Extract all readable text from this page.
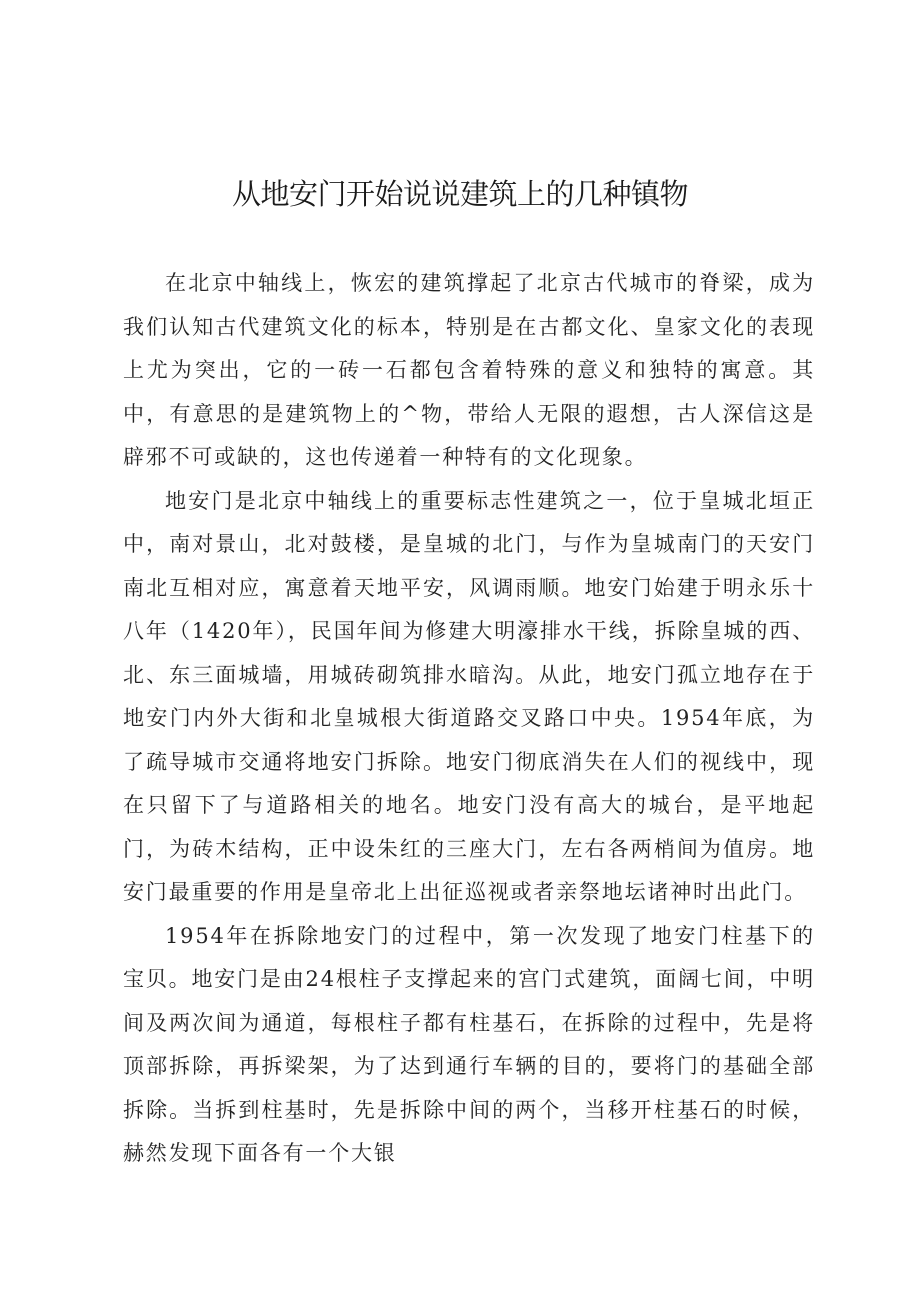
从地安门开始说说建筑上的几种镇物

在北京中轴线上，恢宏的建筑撑起了北京古代城市的脊梁，成为我们认知古代建筑文化的标本，特别是在古都文化、皇家文化的表现上尤为突出，它的一砖一石都包含着特殊的意义和独特的寓意。其中，有意思的是建筑物上的^物，带给人无限的遐想，古人深信这是辟邪不可或缺的，这也传递着一种特有的文化现象。

地安门是北京中轴线上的重要标志性建筑之一，位于皇城北垣正中，南对景山，北对鼓楼，是皇城的北门，与作为皇城南门的天安门南北互相对应，寓意着天地平安，风调雨顺。地安门始建于明永乐十八年（1420年），民国年间为修建大明濠排水干线，拆除皇城的西、北、东三面城墙，用城砖砌筑排水暗沟。从此，地安门孤立地存在于地安门内外大街和北皇城根大街道路交叉路口中央。1954年底，为了疏导城市交通将地安门拆除。地安门彻底消失在人们的视线中，现在只留下了与道路相关的地名。地安门没有高大的城台，是平地起门，为砖木结构，正中设朱红的三座大门，左右各两梢间为值房。地安门最重要的作用是皇帝北上出征巡视或者亲祭地坛诸神时出此门。

1954年在拆除地安门的过程中，第一次发现了地安门柱基下的宝贝。地安门是由24根柱子支撑起来的宫门式建筑，面阔七间，中明间及两次间为通道，每根柱子都有柱基石，在拆除的过程中，先是将顶部拆除，再拆梁架，为了达到通行车辆的目的，要将门的基础全部拆除。当拆到柱基时，先是拆除中间的两个，当移开柱基石的时候，赫然发现下面各有一个大银
